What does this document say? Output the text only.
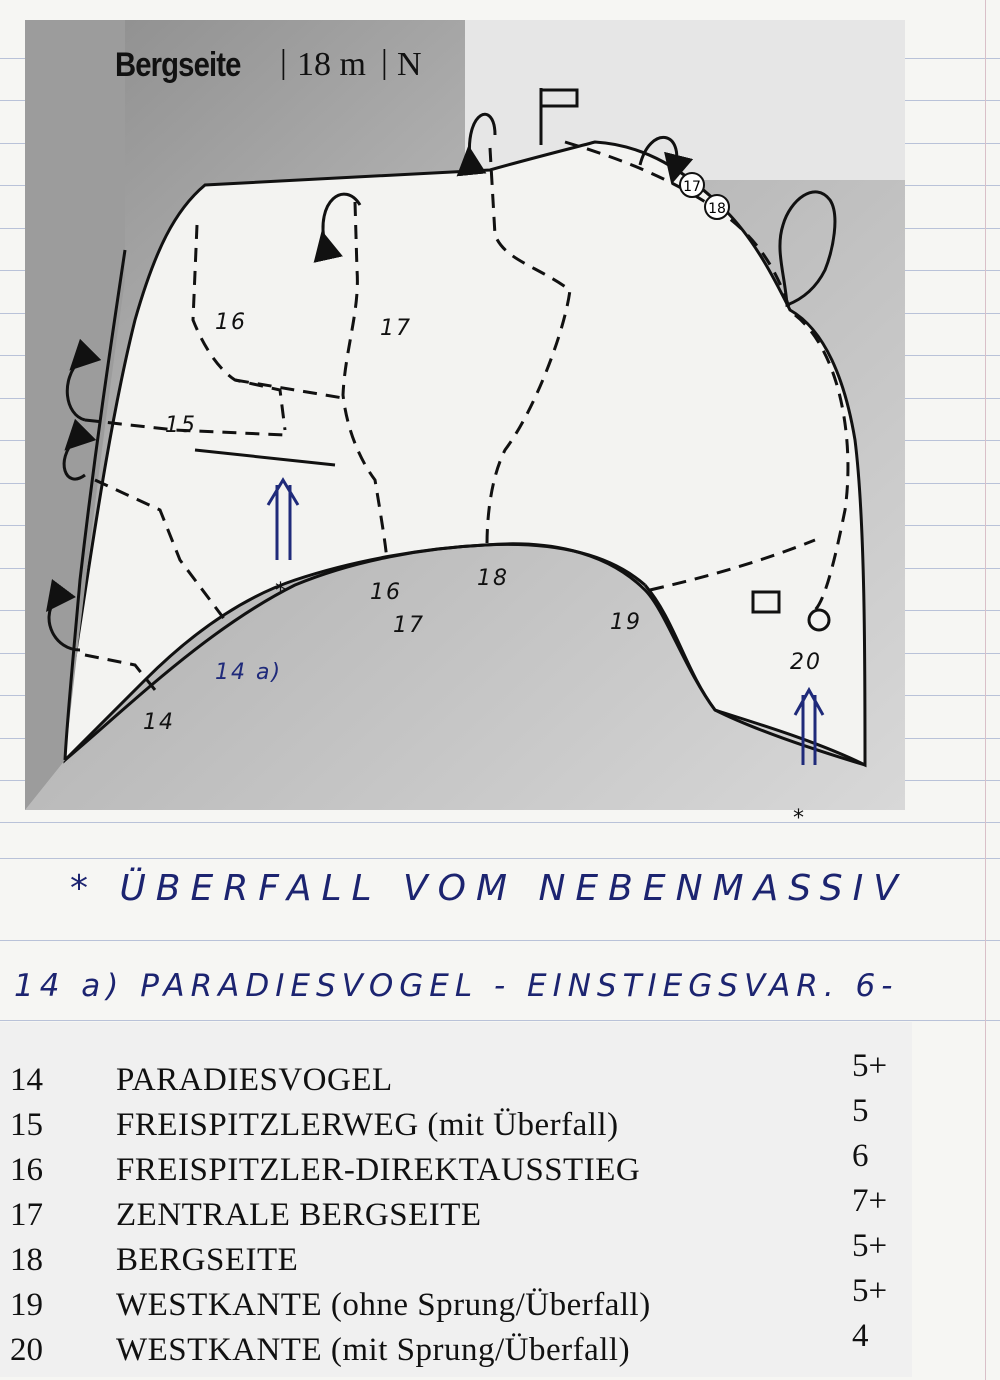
17
18
*
*
Bergseite | 18 m | N
16	17
15
16
17
18
19
20
14
14 a)
* ÜBERFALL VOM NEBENMASSIV
14 a) PARADIESVOGEL - EINSTIEGSVAR. 6-
14 PARADIESVOGEL	5+
15 FREISPITZLERWEG (mit Überfall)	5
16 FREISPITZLER-DIREKTAUSSTIEG	6
17 ZENTRALE BERGSEITE	7+
18 BERGSEITE	5+
19 WESTKANTE (ohne Sprung/Überfall)	5+
20 WESTKANTE (mit Sprung/Überfall)	4
